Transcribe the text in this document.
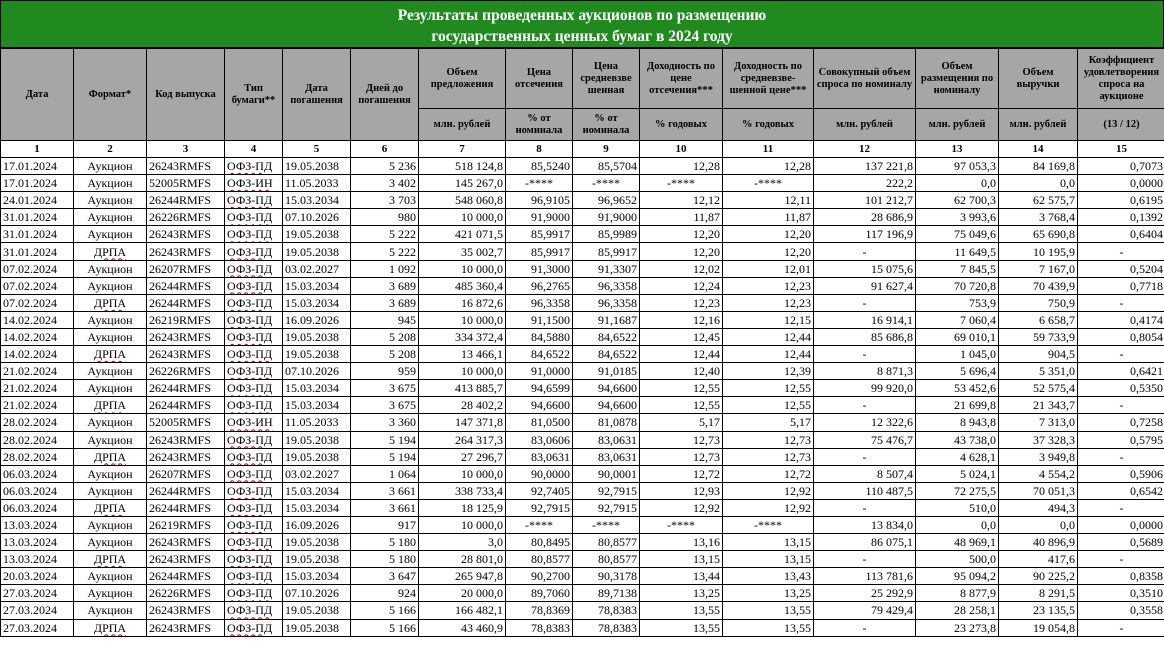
Результаты проведенных аукционов по размещению
государственных ценных бумаг в 2024 году
Дата	Формат*	Код выпуска	Тип бумаги**	Дата погашения	Дней до погашения	Объем предложения	Цена отсечения	Цена средневзве шенная	Доходность по цене отсечения***	Доходность по средневзве-шенной цене***	Совокупный объем спроса по номиналу	Объем размещения по номиналу	Объем выручки	Коэффициент удовлетворения спроса на аукционе
						млн. рублей	% от номинала	% от номинала	% годовых	% годовых	млн. рублей	млн. рублей	млн. рублей	(13 / 12)
1	2	3	4	5	6	7	8	9	10	11	12	13	14	15
17.01.2024	Аукцион	26243RMFS	ОФЗ-ПД	19.05.2038	5 236	518 124,8	85,5240	85,5704	12,28	12,28	137 221,8	97 053,3	84 169,8	0,7073
17.01.2024	Аукцион	52005RMFS	ОФЗ-ИН	11.05.2033	3 402	145 267,0	-****	-****	-****	-****	222,2	0,0	0,0	0,0000
24.01.2024	Аукцион	26244RMFS	ОФЗ-ПД	15.03.2034	3 703	548 060,8	96,9105	96,9652	12,12	12,11	101 212,7	62 700,3	62 575,7	0,6195
31.01.2024	Аукцион	26226RMFS	ОФЗ-ПД	07.10.2026	980	10 000,0	91,9000	91,9000	11,87	11,87	28 686,9	3 993,6	3 768,4	0,1392
31.01.2024	Аукцион	26243RMFS	ОФЗ-ПД	19.05.2038	5 222	421 071,5	85,9917	85,9989	12,20	12,20	117 196,9	75 049,6	65 690,8	0,6404
31.01.2024	ДРПА	26243RMFS	ОФЗ-ПД	19.05.2038	5 222	35 002,7	85,9917	85,9917	12,20	12,20	-	11 649,5	10 195,9	-
07.02.2024	Аукцион	26207RMFS	ОФЗ-ПД	03.02.2027	1 092	10 000,0	91,3000	91,3307	12,02	12,01	15 075,6	7 845,5	7 167,0	0,5204
07.02.2024	Аукцион	26244RMFS	ОФЗ-ПД	15.03.2034	3 689	485 360,4	96,2765	96,3358	12,24	12,23	91 627,4	70 720,8	70 439,9	0,7718
07.02.2024	ДРПА	26244RMFS	ОФЗ-ПД	15.03.2034	3 689	16 872,6	96,3358	96,3358	12,23	12,23	-	753,9	750,9	-
14.02.2024	Аукцион	26219RMFS	ОФЗ-ПД	16.09.2026	945	10 000,0	91,1500	91,1687	12,16	12,15	16 914,1	7 060,4	6 658,7	0,4174
14.02.2024	Аукцион	26243RMFS	ОФЗ-ПД	19.05.2038	5 208	334 372,4	84,5880	84,6522	12,45	12,44	85 686,8	69 010,1	59 733,9	0,8054
14.02.2024	ДРПА	26243RMFS	ОФЗ-ПД	19.05.2038	5 208	13 466,1	84,6522	84,6522	12,44	12,44	-	1 045,0	904,5	-
21.02.2024	Аукцион	26226RMFS	ОФЗ-ПД	07.10.2026	959	10 000,0	91,0000	91,0185	12,40	12,39	8 871,3	5 696,4	5 351,0	0,6421
21.02.2024	Аукцион	26244RMFS	ОФЗ-ПД	15.03.2034	3 675	413 885,7	94,6599	94,6600	12,55	12,55	99 920,0	53 452,6	52 575,4	0,5350
21.02.2024	ДРПА	26244RMFS	ОФЗ-ПД	15.03.2034	3 675	28 402,2	94,6600	94,6600	12,55	12,55	-	21 699,8	21 343,7	-
28.02.2024	Аукцион	52005RMFS	ОФЗ-ИН	11.05.2033	3 360	147 371,8	81,0500	81,0878	5,17	5,17	12 322,6	8 943,8	7 313,0	0,7258
28.02.2024	Аукцион	26243RMFS	ОФЗ-ПД	19.05.2038	5 194	264 317,3	83,0606	83,0631	12,73	12,73	75 476,7	43 738,0	37 328,3	0,5795
28.02.2024	ДРПА	26243RMFS	ОФЗ-ПД	19.05.2038	5 194	27 296,7	83,0631	83,0631	12,73	12,73	-	4 628,1	3 949,8	-
06.03.2024	Аукцион	26207RMFS	ОФЗ-ПД	03.02.2027	1 064	10 000,0	90,0000	90,0001	12,72	12,72	8 507,4	5 024,1	4 554,2	0,5906
06.03.2024	Аукцион	26244RMFS	ОФЗ-ПД	15.03.2034	3 661	338 733,4	92,7405	92,7915	12,93	12,92	110 487,5	72 275,5	70 051,3	0,6542
06.03.2024	ДРПА	26244RMFS	ОФЗ-ПД	15.03.2034	3 661	18 125,9	92,7915	92,7915	12,92	12,92	-	510,0	494,3	-
13.03.2024	Аукцион	26219RMFS	ОФЗ-ПД	16.09.2026	917	10 000,0	-****	-****	-****	-****	13 834,0	0,0	0,0	0,0000
13.03.2024	Аукцион	26243RMFS	ОФЗ-ПД	19.05.2038	5 180	3,0	80,8495	80,8577	13,16	13,15	86 075,1	48 969,1	40 896,9	0,5689
13.03.2024	ДРПА	26243RMFS	ОФЗ-ПД	19.05.2038	5 180	28 801,0	80,8577	80,8577	13,15	13,15	-	500,0	417,6	-
20.03.2024	Аукцион	26244RMFS	ОФЗ-ПД	15.03.2034	3 647	265 947,8	90,2700	90,3178	13,44	13,43	113 781,6	95 094,2	90 225,2	0,8358
27.03.2024	Аукцион	26226RMFS	ОФЗ-ПД	07.10.2026	924	20 000,0	89,7060	89,7138	13,25	13,25	25 292,9	8 877,9	8 291,5	0,3510
27.03.2024	Аукцион	26243RMFS	ОФЗ-ПД	19.05.2038	5 166	166 482,1	78,8369	78,8383	13,55	13,55	79 429,4	28 258,1	23 135,5	0,3558
27.03.2024	ДРПА	26243RMFS	ОФЗ-ПД	19.05.2038	5 166	43 460,9	78,8383	78,8383	13,55	13,55	-	23 273,8	19 054,8	-
